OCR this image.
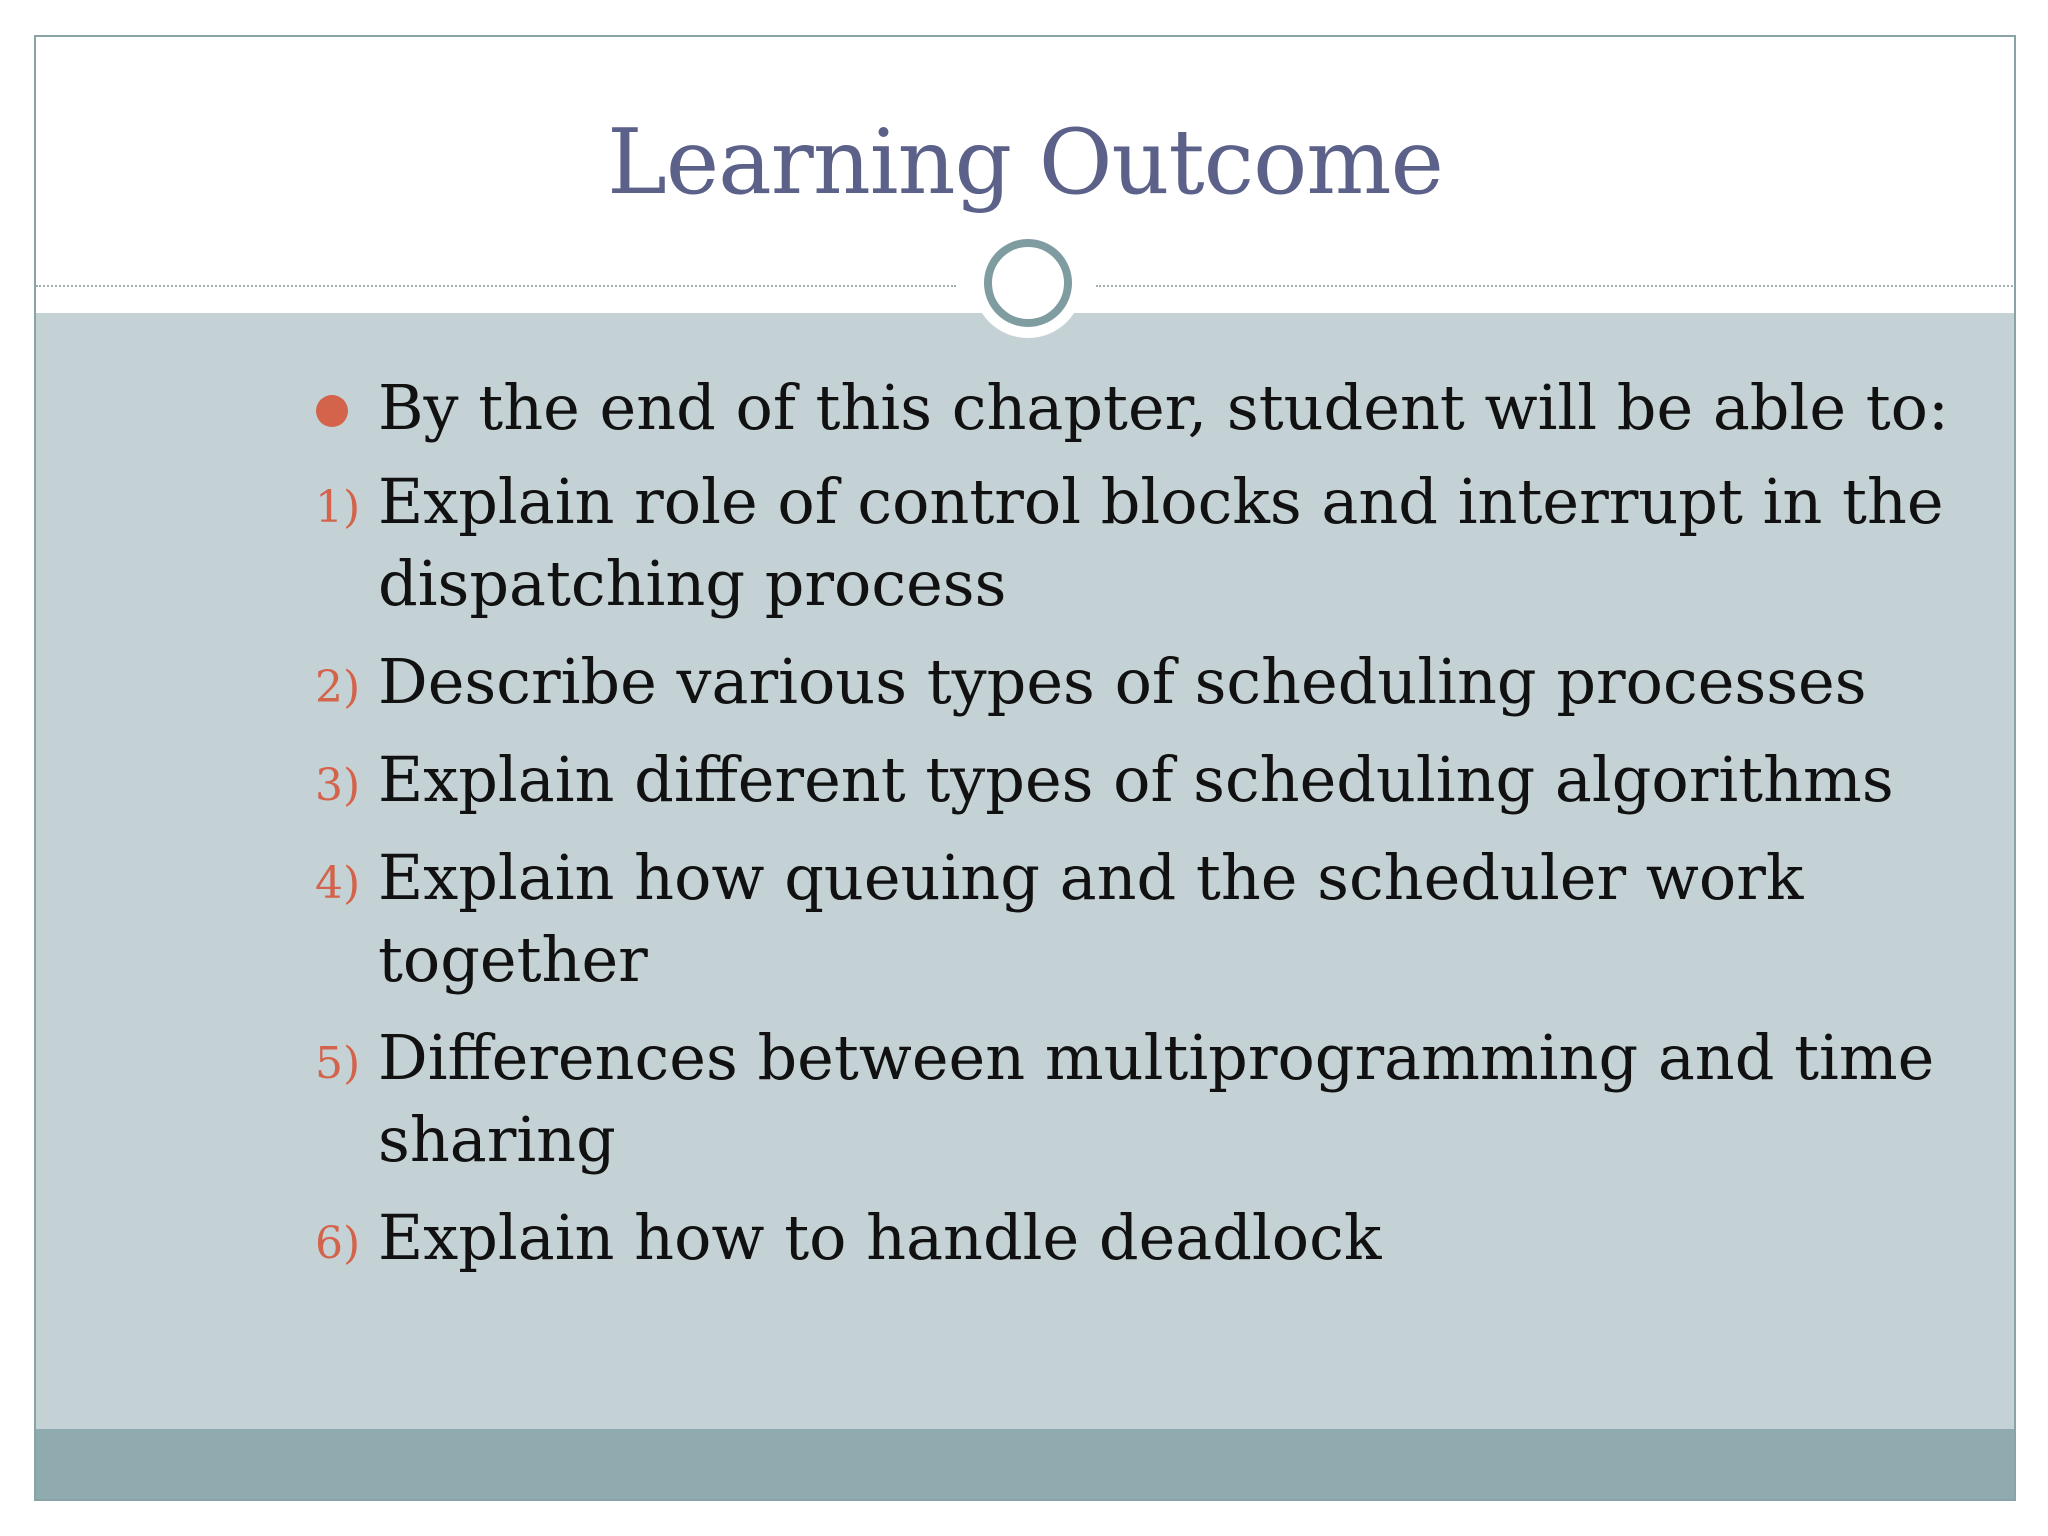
Learning Outcome
By the end of this chapter, student will be able to:
1) Explain role of control blocks and interrupt in the dispatching process
2) Describe various types of scheduling processes
3) Explain different types of scheduling algorithms
4) Explain how queuing and the scheduler work together
5) Differences between multiprogramming and time sharing
6) Explain how to handle deadlock
